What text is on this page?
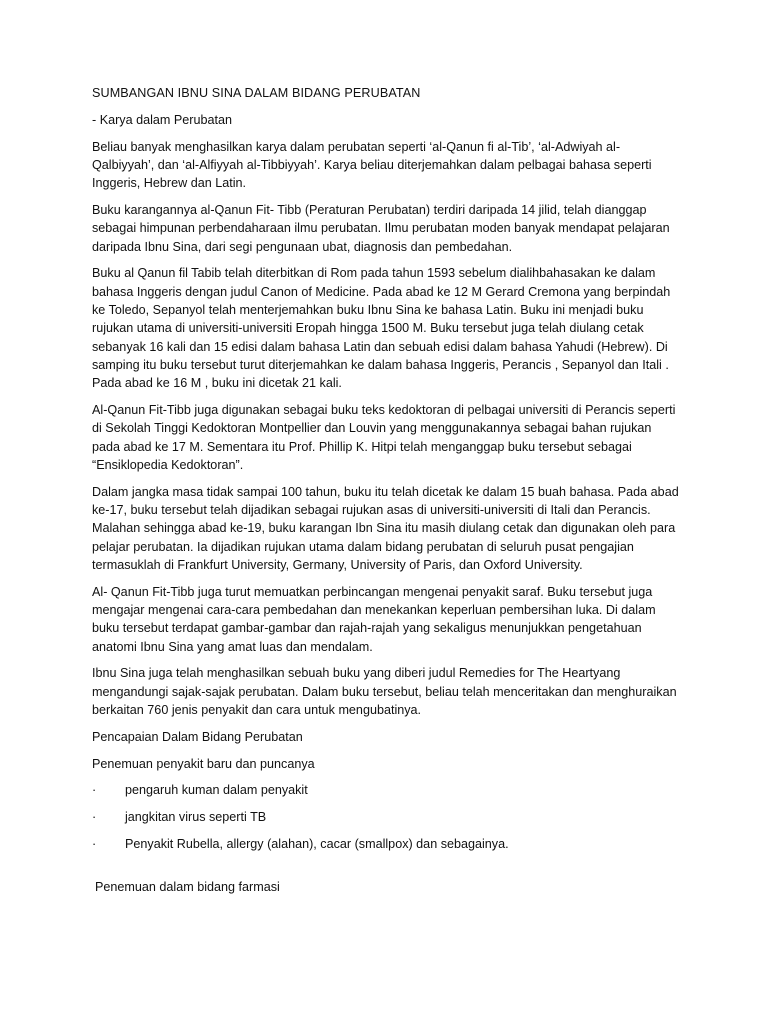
SUMBANGAN IBNU SINA DALAM BIDANG PERUBATAN

- Karya dalam Perubatan

Beliau banyak menghasilkan karya dalam perubatan seperti ‘al-Qanun fi al-Tib’, ‘al-Adwiyah al-Qalbiyyah’, dan ‘al-Alfiyyah al-Tibbiyyah’. Karya beliau diterjemahkan dalam pelbagai bahasa seperti Inggeris, Hebrew dan Latin.

Buku karangannya al-Qanun Fit- Tibb (Peraturan Perubatan) terdiri daripada 14 jilid, telah dianggap sebagai himpunan perbendaharaan ilmu perubatan. Ilmu perubatan moden banyak mendapat pelajaran daripada Ibnu Sina, dari segi pengunaan ubat, diagnosis dan pembedahan.

Buku al Qanun fil Tabib telah diterbitkan di Rom pada tahun 1593 sebelum dialihbahasakan ke dalam bahasa Inggeris dengan judul Canon of Medicine. Pada abad ke 12 M Gerard Cremona yang berpindah ke Toledo, Sepanyol telah menterjemahkan buku Ibnu Sina ke bahasa Latin. Buku ini menjadi buku rujukan utama di universiti-universiti Eropah hingga 1500 M. Buku tersebut juga telah diulang cetak sebanyak 16 kali dan 15 edisi dalam bahasa Latin dan sebuah edisi dalam bahasa Yahudi (Hebrew). Di samping itu buku tersebut turut diterjemahkan ke dalam bahasa Inggeris, Perancis , Sepanyol dan Itali . Pada abad ke 16 M , buku ini dicetak 21 kali.

Al-Qanun Fit-Tibb juga digunakan sebagai buku teks kedoktoran di pelbagai universiti di Perancis seperti di Sekolah Tinggi Kedoktoran Montpellier dan Louvin yang menggunakannya sebagai bahan rujukan pada abad ke 17 M. Sementara itu Prof. Phillip K. Hitpi telah menganggap buku tersebut sebagai “Ensiklopedia Kedoktoran”.

Dalam jangka masa tidak sampai 100 tahun, buku itu telah dicetak ke dalam 15 buah bahasa. Pada abad ke-17, buku tersebut telah dijadikan sebagai rujukan asas di universiti-universiti di Itali dan Perancis. Malahan sehingga abad ke-19, buku karangan Ibn Sina itu masih diulang cetak dan digunakan oleh para pelajar perubatan. Ia dijadikan rujukan utama dalam bidang perubatan di seluruh pusat pengajian termasuklah di Frankfurt University, Germany, University of Paris, dan Oxford University.

Al- Qanun Fit-Tibb juga turut memuatkan perbincangan mengenai penyakit saraf. Buku tersebut juga mengajar mengenai cara-cara pembedahan dan menekankan keperluan pembersihan luka. Di dalam buku tersebut terdapat gambar-gambar dan rajah-rajah yang sekaligus menunjukkan pengetahuan anatomi Ibnu Sina yang amat luas dan mendalam.

Ibnu Sina juga telah menghasilkan sebuah buku yang diberi judul Remedies for The Heartyang mengandungi sajak-sajak perubatan. Dalam buku tersebut, beliau telah menceritakan dan menghuraikan berkaitan 760 jenis penyakit dan cara untuk mengubatinya.

Pencapaian Dalam Bidang Perubatan

Penemuan penyakit baru dan puncanya

·	pengaruh kuman dalam penyakit
·	jangkitan virus seperti TB
·	Penyakit Rubella, allergy (alahan), cacar (smallpox) dan sebagainya.

Penemuan dalam bidang farmasi
